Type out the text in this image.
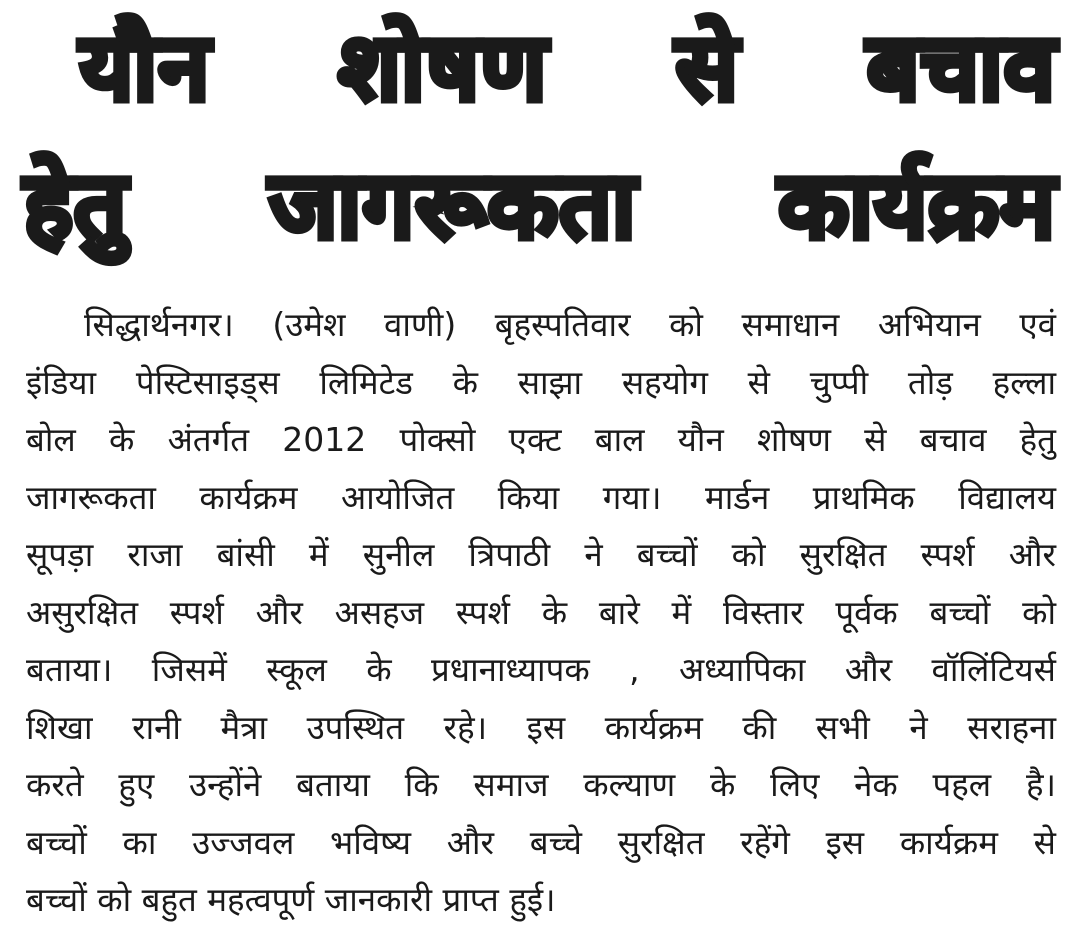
यौन शोषण से बचाव
हेतु जागरूकता कार्यक्रम
सिद्धार्थनगर। (उमेश वाणी) बृहस्पतिवार को समाधान अभियान एवं
इंडिया पेस्टिसाइड्स लिमिटेड के साझा सहयोग से चुप्पी तोड़ हल्ला
बोल के अंतर्गत 2012 पोक्सो एक्ट बाल यौन शोषण से बचाव हेतु
जागरूकता कार्यक्रम आयोजित किया गया। मार्डन प्राथमिक विद्यालय
सूपड़ा राजा बांसी में सुनील त्रिपाठी ने बच्चों को सुरक्षित स्पर्श और
असुरक्षित स्पर्श और असहज स्पर्श के बारे में विस्तार पूर्वक बच्चों को
बताया। जिसमें स्कूल के प्रधानाध्यापक , अध्यापिका और वॉलिंटियर्स
शिखा रानी मैत्रा उपस्थित रहे। इस कार्यक्रम की सभी ने सराहना
करते हुए उन्होंने बताया कि समाज कल्याण के लिए नेक पहल है।
बच्चों का उज्जवल भविष्य और बच्चे सुरक्षित रहेंगे इस कार्यक्रम से
बच्चों को बहुत महत्वपूर्ण जानकारी प्राप्त हुई।
